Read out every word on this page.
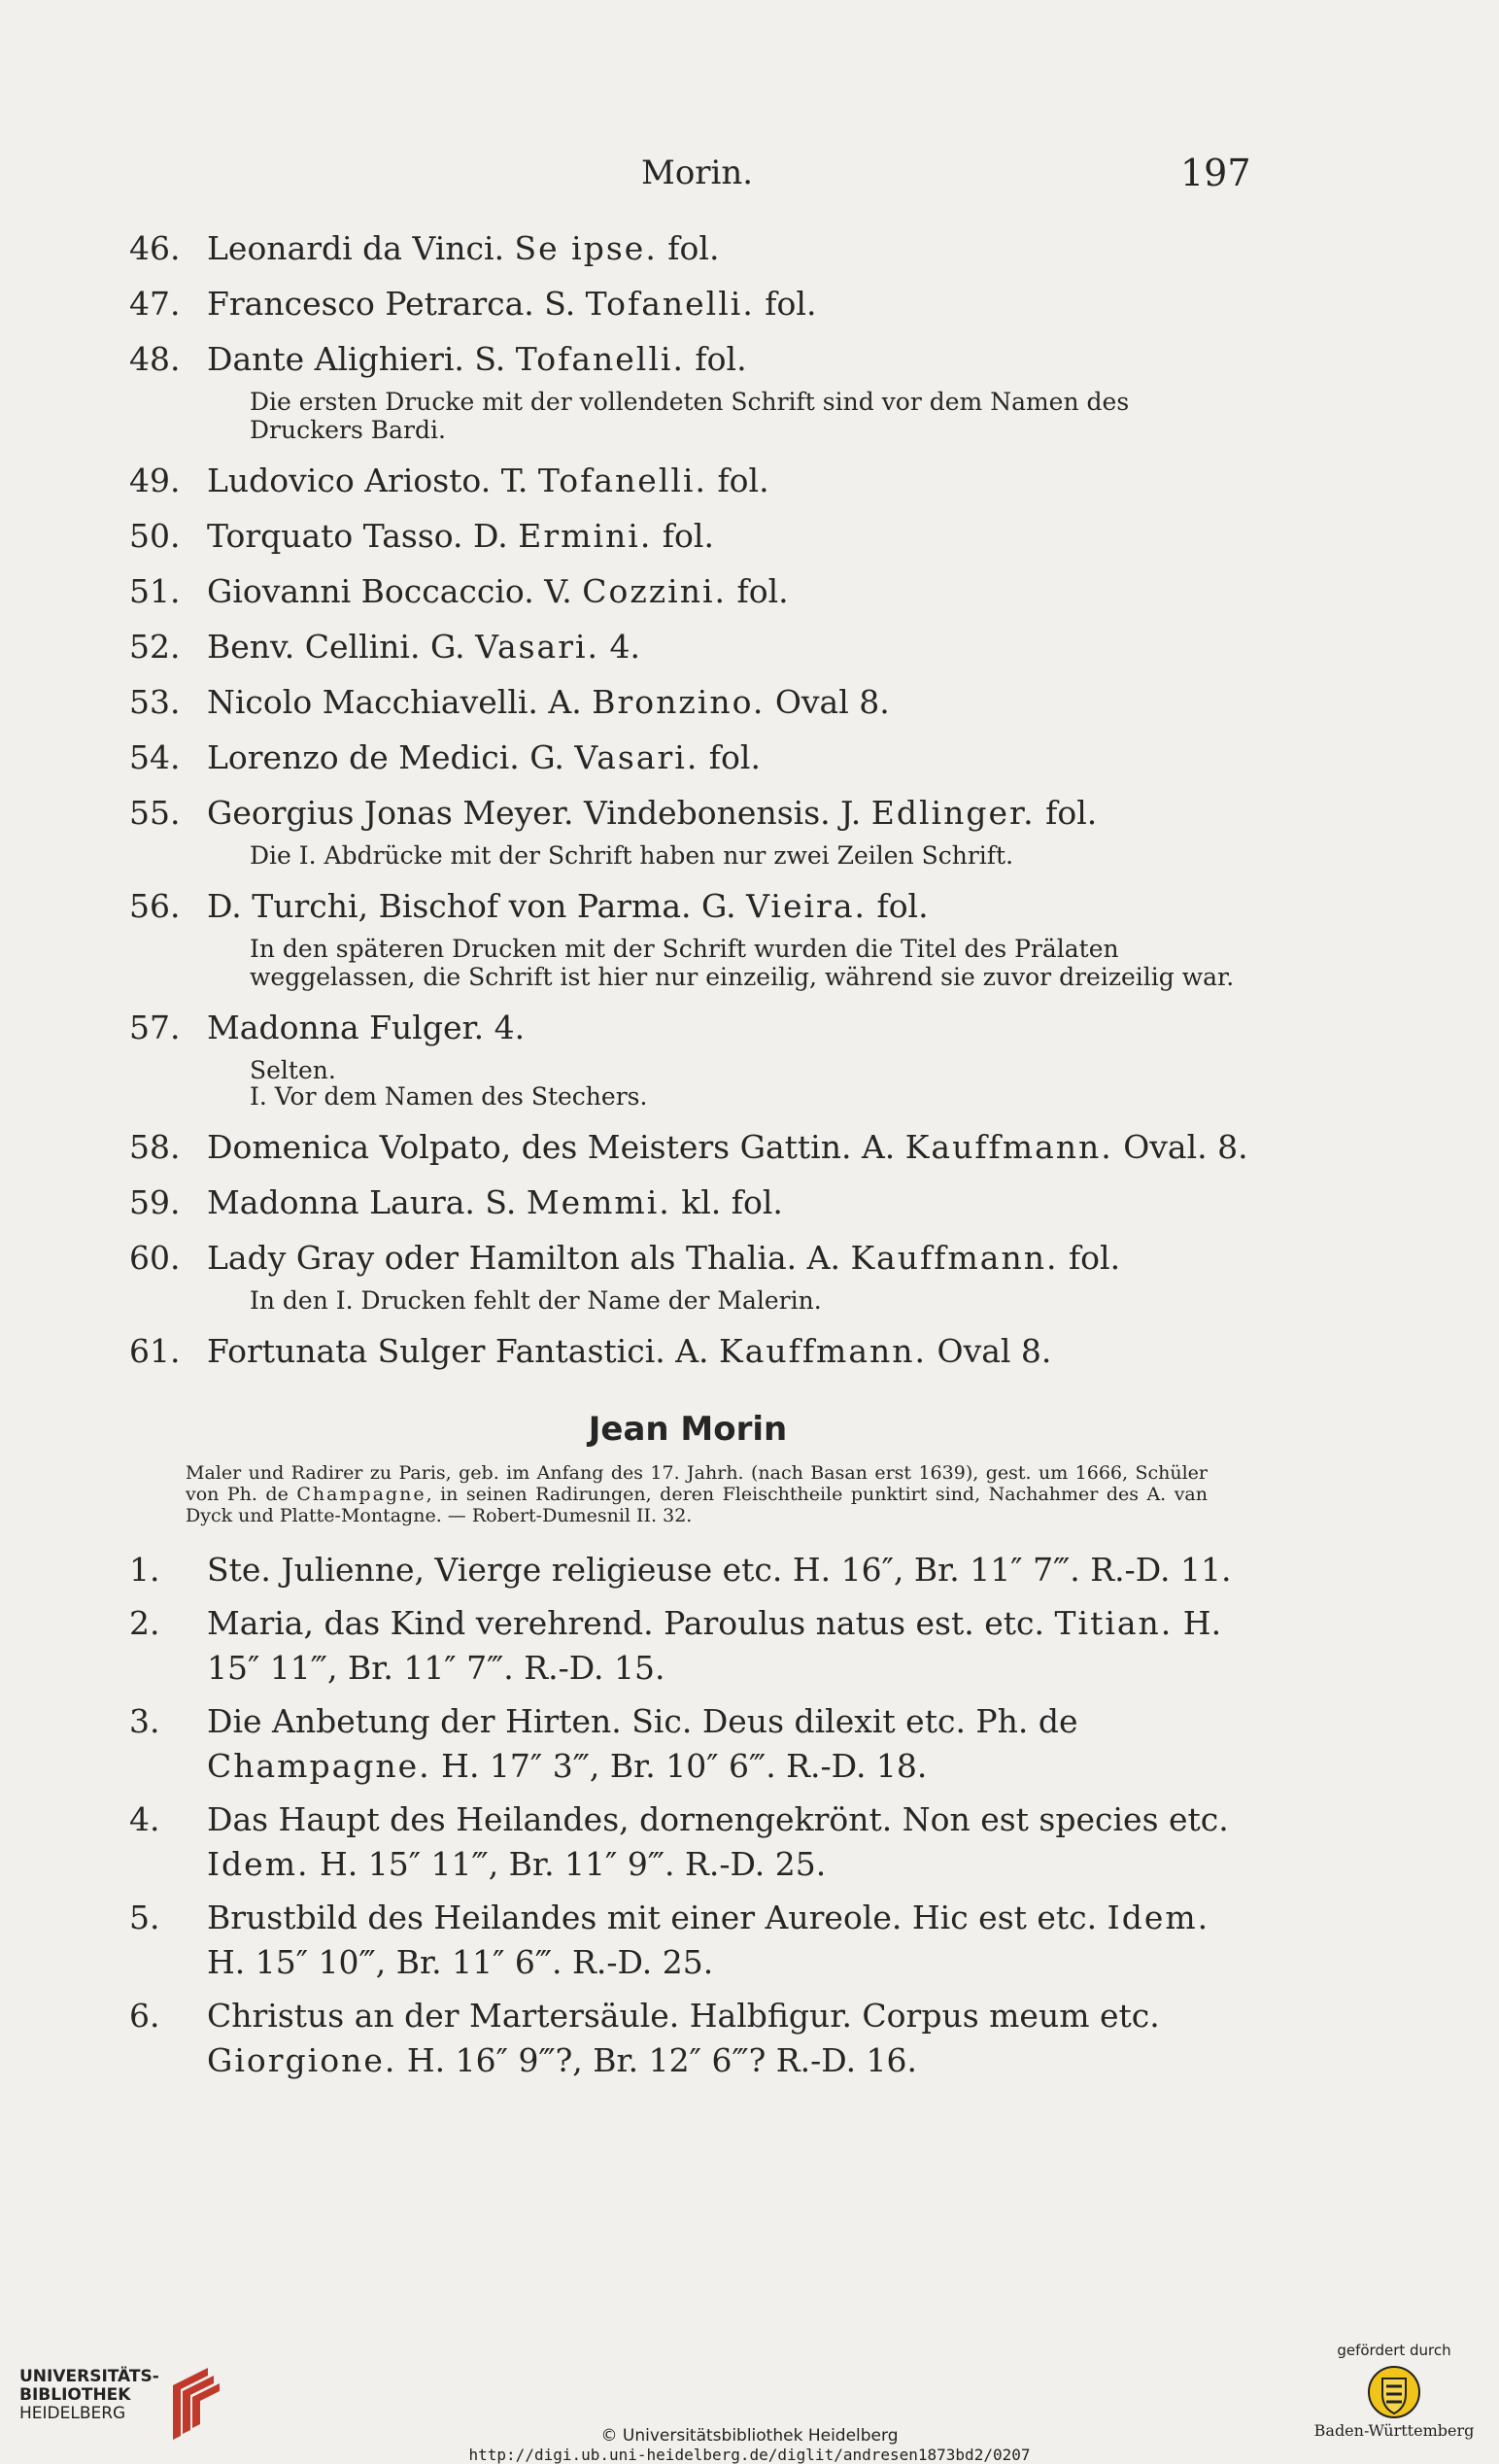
Morin.	197
46. Leonardi da Vinci. Se ipse. fol.
47. Francesco Petrarca. S. Tofanelli. fol.
48. Dante Alighieri. S. Tofanelli. fol.
Die ersten Drucke mit der vollendeten Schrift sind vor dem Namen des Druckers Bardi.
49. Ludovico Ariosto. T. Tofanelli. fol.
50. Torquato Tasso. D. Ermini. fol.
51. Giovanni Boccaccio. V. Cozzini. fol.
52. Benv. Cellini. G. Vasari. 4.
53. Nicolo Macchiavelli. A. Bronzino. Oval 8.
54. Lorenzo de Medici. G. Vasari. fol.
55. Georgius Jonas Meyer. Vindebonensis. J. Edlinger. fol.
Die I. Abdrücke mit der Schrift haben nur zwei Zeilen Schrift.
56. D. Turchi, Bischof von Parma. G. Vieira. fol.
In den späteren Drucken mit der Schrift wurden die Titel des Prälaten weggelassen, die Schrift ist hier nur einzeilig, während sie zuvor dreizeilig war.
57. Madonna Fulger. 4.
Selten.
I. Vor dem Namen des Stechers.
58. Domenica Volpato, des Meisters Gattin. A. Kauffmann. Oval. 8.
59. Madonna Laura. S. Memmi. kl. fol.
60. Lady Gray oder Hamilton als Thalia. A. Kauffmann. fol.
In den I. Drucken fehlt der Name der Malerin.
61. Fortunata Sulger Fantastici. A. Kauffmann. Oval 8.
Jean Morin
Maler und Radirer zu Paris, geb. im Anfang des 17. Jahrh. (nach Basan erst 1639), gest. um 1666, Schüler von Ph. de Champagne, in seinen Radirungen, deren Fleischtheile punktirt sind, Nachahmer des A. van Dyck und Platte-Montagne. — Robert-Dumesnil II. 32.
1. Ste. Julienne, Vierge religieuse etc. H. 16″, Br. 11″ 7‴. R.-D. 11.
2. Maria, das Kind verehrend. Paroulus natus est. etc. Titian. H. 15″ 11‴, Br. 11″ 7‴. R.-D. 15.
3. Die Anbetung der Hirten. Sic. Deus dilexit etc. Ph. de Champagne. H. 17″ 3‴, Br. 10″ 6‴. R.-D. 18.
4. Das Haupt des Heilandes, dornengekrönt. Non est species etc. Idem. H. 15″ 11‴, Br. 11″ 9‴. R.-D. 25.
5. Brustbild des Heilandes mit einer Aureole. Hic est etc. Idem. H. 15″ 10‴, Br. 11″ 6‴. R.-D. 25.
6. Christus an der Martersäule. Halbfigur. Corpus meum etc. Giorgione. H. 16″ 9‴?, Br. 12″ 6‴? R.-D. 16.
UNIVERSITÄTS-
BIBLIOTHEK
HEIDELBERG
© Universitätsbibliothek Heidelberg
http://digi.ub.uni-heidelberg.de/diglit/andresen1873bd2/0207
gefördert durch
Baden-Württemberg
